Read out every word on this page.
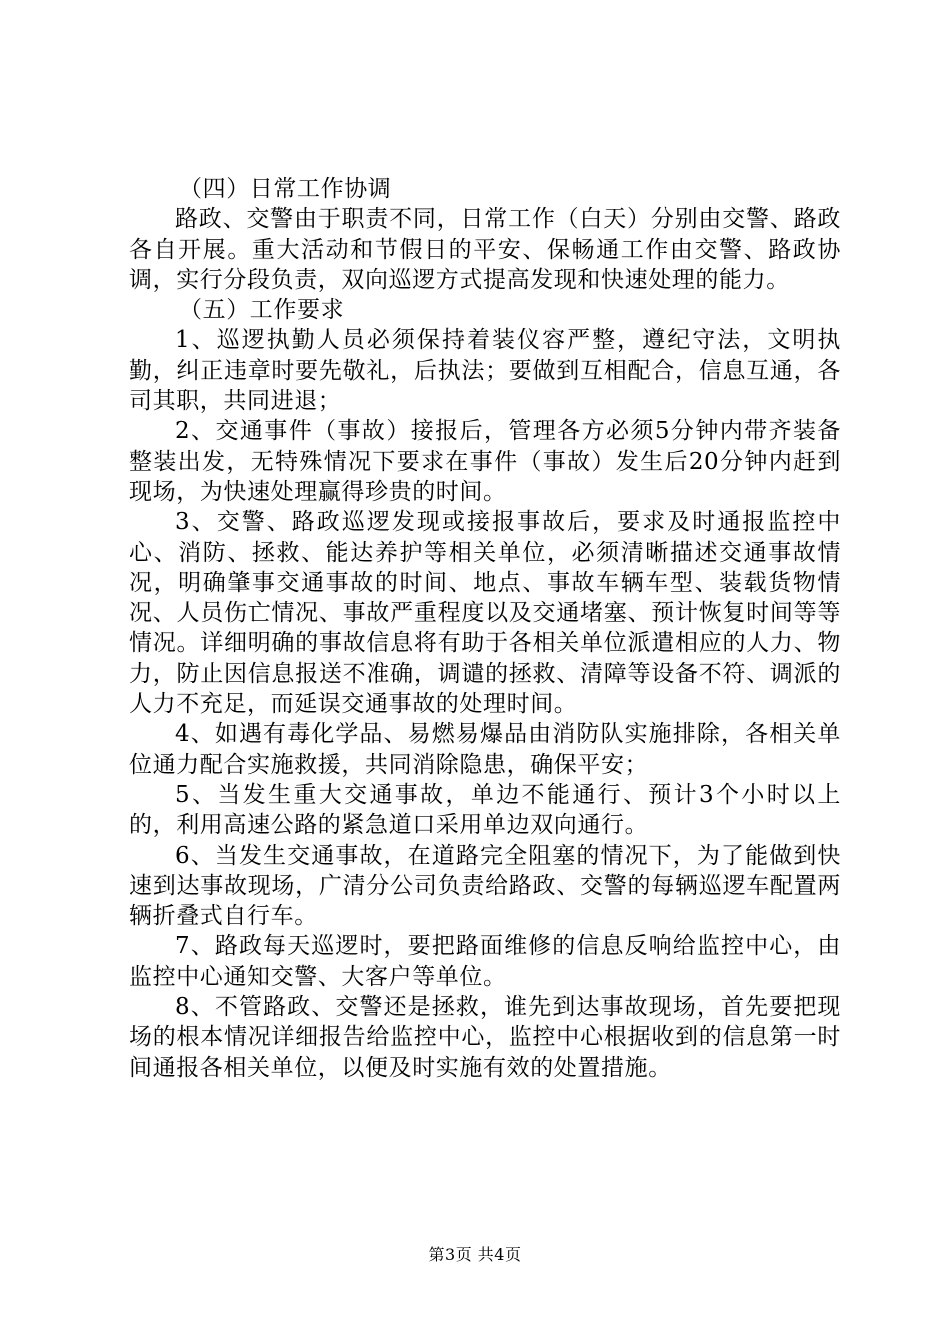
（四）日常工作协调

路政、交警由于职责不同，日常工作（白天）分别由交警、路政各自开展。重大活动和节假日的平安、保畅通工作由交警、路政协调，实行分段负责，双向巡逻方式提高发现和快速处理的能力。

（五）工作要求

1、巡逻执勤人员必须保持着装仪容严整，遵纪守法，文明执勤，纠正违章时要先敬礼，后执法；要做到互相配合，信息互通，各司其职，共同进退；

2、交通事件（事故）接报后，管理各方必须5分钟内带齐装备整装出发，无特殊情况下要求在事件（事故）发生后20分钟内赶到现场，为快速处理赢得珍贵的时间。

3、交警、路政巡逻发现或接报事故后，要求及时通报监控中心、消防、拯救、能达养护等相关单位，必须清晰描述交通事故情况，明确肇事交通事故的时间、地点、事故车辆车型、装载货物情况、人员伤亡情况、事故严重程度以及交通堵塞、预计恢复时间等等情况。详细明确的事故信息将有助于各相关单位派遣相应的人力、物力，防止因信息报送不准确，调谴的拯救、清障等设备不符、调派的人力不充足，而延误交通事故的处理时间。

4、如遇有毒化学品、易燃易爆品由消防队实施排除，各相关单位通力配合实施救援，共同消除隐患，确保平安；

5、当发生重大交通事故，单边不能通行、预计3个小时以上的，利用高速公路的紧急道口采用单边双向通行。

6、当发生交通事故，在道路完全阻塞的情况下，为了能做到快速到达事故现场，广清分公司负责给路政、交警的每辆巡逻车配置两辆折叠式自行车。

7、路政每天巡逻时，要把路面维修的信息反响给监控中心，由监控中心通知交警、大客户等单位。

8、不管路政、交警还是拯救，谁先到达事故现场，首先要把现场的根本情况详细报告给监控中心，监控中心根据收到的信息第一时间通报各相关单位，以便及时实施有效的处置措施。

第3页 共4页
